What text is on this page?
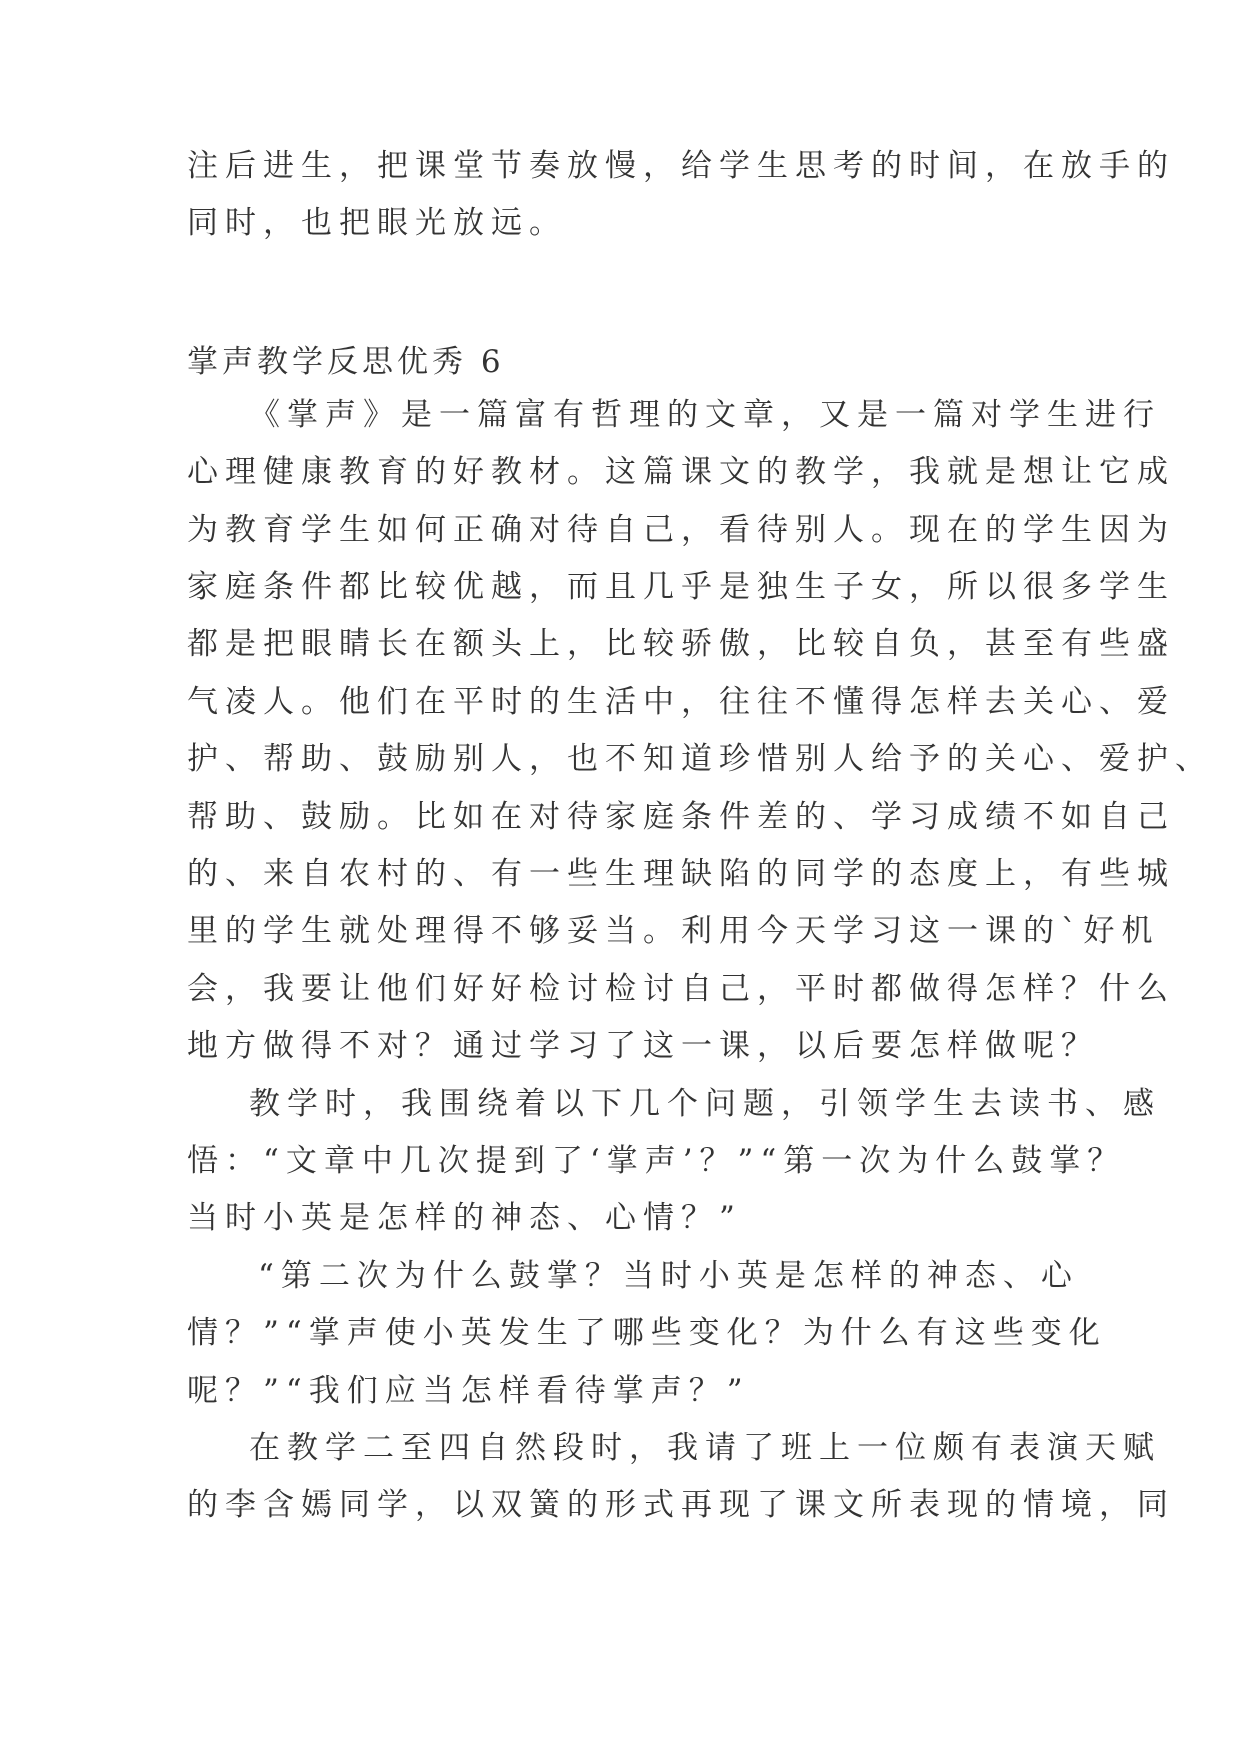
注后进生，把课堂节奏放慢，给学生思考的时间，在放手的
同时，也把眼光放远。
掌声教学反思优秀 6
《掌声》是一篇富有哲理的文章，又是一篇对学生进行
心理健康教育的好教材。这篇课文的教学，我就是想让它成
为教育学生如何正确对待自己，看待别人。现在的学生因为
家庭条件都比较优越，而且几乎是独生子女，所以很多学生
都是把眼睛长在额头上，比较骄傲，比较自负，甚至有些盛
气凌人。他们在平时的生活中，往往不懂得怎样去关心、爱
护、帮助、鼓励别人，也不知道珍惜别人给予的关心、爱护、
帮助、鼓励。比如在对待家庭条件差的、学习成绩不如自己
的、来自农村的、有一些生理缺陷的同学的态度上，有些城
里的学生就处理得不够妥当。利用今天学习这一课的`好机
会，我要让他们好好检讨检讨自己，平时都做得怎样？什么
地方做得不对？通过学习了这一课，以后要怎样做呢？
教学时，我围绕着以下几个问题，引领学生去读书、感
悟：“文章中几次提到了‘掌声’？”“第一次为什么鼓掌？
当时小英是怎样的神态、心情？”
“第二次为什么鼓掌？当时小英是怎样的神态、心
情？”“掌声使小英发生了哪些变化？为什么有这些变化
呢？”“我们应当怎样看待掌声？”
在教学二至四自然段时，我请了班上一位颇有表演天赋
的李含嫣同学，以双簧的形式再现了课文所表现的情境，同
